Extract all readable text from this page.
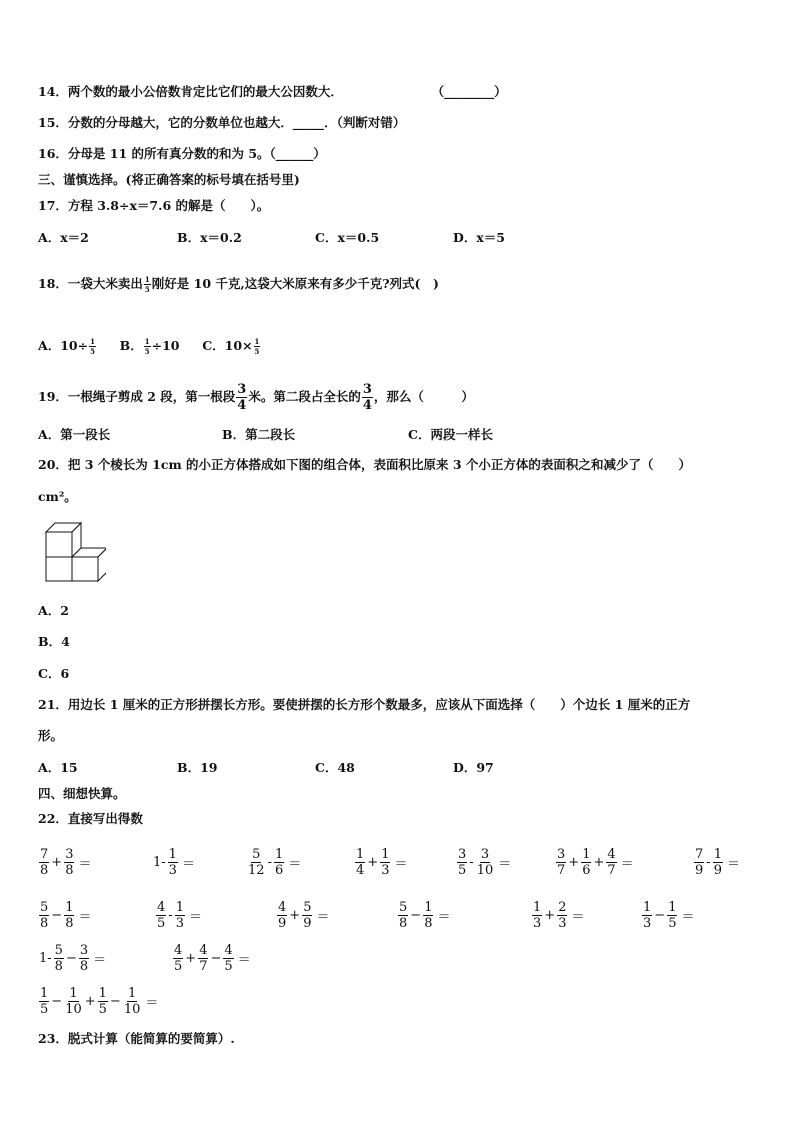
14．两个数的最小公倍数肯定比它们的最大公因数大．	（________）
15．分数的分母越大，它的分数单位也越大．_____．（判断对错）
16．分母是 11 的所有真分数的和为 5。（______）
三、谨慎选择。(将正确答案的标号填在括号里)
17．方程 3.8÷x＝7.6 的解是（　　）。
A．x＝2	B．x＝0.2	C．x＝0.5	D．x＝5
18．一袋大米卖出 $\frac{1}{5}$ 刚好是 10 千克,这袋大米原来有多少千克?列式(　)
A．$10\div \frac{1}{5}$ B． $\frac{1}{5} \div 10$ C．$10\times \frac{1}{5}$
19．一根绳子剪成 2 段，第一根段 $\frac{3}{4}$ 米。第二段占全长的 $\frac{3}{4}$ ，那么（　　　）
A．第一段长	B．第二段长	C．两段一样长
20．把 3 个棱长为 1cm 的小正方体搭成如下图的组合体，表面积比原来 3 个小正方体的表面积之和减少了（　　）
cm²。
A．2
B．4
C．6
21．用边长 1 厘米的正方形拼摆长方形。要使拼摆的长方形个数最多，应该从下面选择（　　）个边长 1 厘米的正方
形。
A．15	B．19	C．48	D．97
四、细想快算。
22．直接写出得数
$\frac{7}{8} + \frac{3}{8}$ ＝	$1- \frac{1}{3}$ ＝	$\frac{5}{12} - \frac{1}{6}$ ＝	$\frac{1}{4} + \frac{1}{3}$ ＝	$\frac{3}{5} - \frac{3}{10}$ ＝	$\frac{3}{7} + \frac{1}{6} + \frac{4}{7}$ ＝	$\frac{7}{9} - \frac{1}{9}$ ＝
$\frac{5}{8} - \frac{1}{8}$ ＝	$\frac{4}{5} - \frac{1}{3}$ ＝	$\frac{4}{9} + \frac{5}{9}$ ＝	$\frac{5}{8} - \frac{1}{8}$ ＝	$\frac{1}{3} + \frac{2}{3}$ ＝	$\frac{1}{3} - \frac{1}{5}$ ＝
$1- \frac{5}{8} - \frac{3}{8}$ ＝	$\frac{4}{5} + \frac{4}{7} - \frac{4}{5}$ ＝
$\frac{1}{5} - \frac{1}{10} + \frac{1}{5} - \frac{1}{10}$ ＝
23．脱式计算（能简算的要简算）.
